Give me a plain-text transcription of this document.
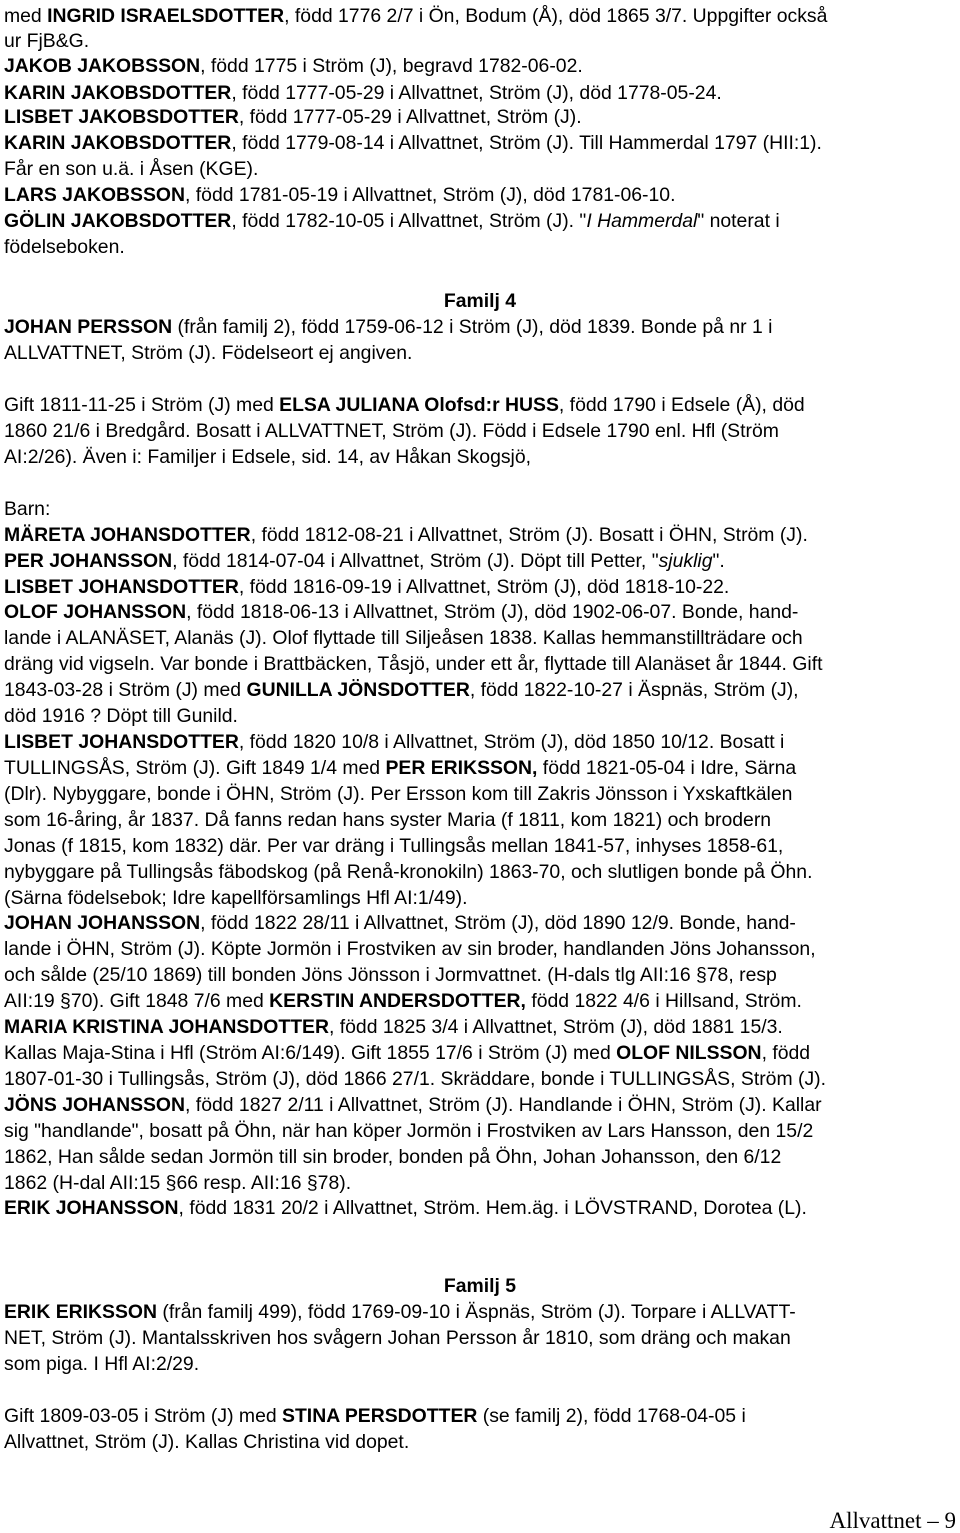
Allvattnet – 9
med INGRID ISRAELSDOTTER, född 1776 2/7 i Ön, Bodum (Å), död 1865 3/7. Uppgifter också
ur FjB&G.
JAKOB JAKOBSSON, född 1775 i Ström (J), begravd 1782-06-02.
KARIN JAKOBSDOTTER, född 1777-05-29 i Allvattnet, Ström (J), död 1778-05-24.
LISBET JAKOBSDOTTER, född 1777-05-29 i Allvattnet, Ström (J).
KARIN JAKOBSDOTTER, född 1779-08-14 i Allvattnet, Ström (J). Till Hammerdal 1797 (HII:1).
Får en son u.ä. i Åsen (KGE).
LARS JAKOBSSON, född 1781-05-19 i Allvattnet, Ström (J), död 1781-06-10.
GÖLIN JAKOBSDOTTER, född 1782-10-05 i Allvattnet, Ström (J). "I Hammerdal" noterat i
födelseboken.
Familj 4
JOHAN PERSSON (från familj 2), född 1759-06-12 i Ström (J), död 1839. Bonde på nr 1 i
ALLVATTNET, Ström (J). Födelseort ej angiven.
Gift 1811-11-25 i Ström (J) med ELSA JULIANA Olofsd:r HUSS, född 1790 i Edsele (Å), död
1860 21/6 i Bredgård. Bosatt i ALLVATTNET, Ström (J). Född i Edsele 1790 enl. Hfl (Ström
AI:2/26). Även i: Familjer i Edsele, sid. 14, av Håkan Skogsjö,
Barn:
MÄRETA JOHANSDOTTER, född 1812-08-21 i Allvattnet, Ström (J). Bosatt i ÖHN, Ström (J).
PER JOHANSSON, född 1814-07-04 i Allvattnet, Ström (J). Döpt till Petter, "sjuklig".
LISBET JOHANSDOTTER, född 1816-09-19 i Allvattnet, Ström (J), död 1818-10-22.
OLOF JOHANSSON, född 1818-06-13 i Allvattnet, Ström (J), död 1902-06-07. Bonde, hand-
lande i ALANÄSET, Alanäs (J). Olof flyttade till Siljeåsen 1838. Kallas hemmanstillträdare och
dräng vid vigseln. Var bonde i Brattbäcken, Tåsjö, under ett år, flyttade till Alanäset år 1844. Gift
1843-03-28 i Ström (J) med GUNILLA JÖNSDOTTER, född 1822-10-27 i Äspnäs, Ström (J),
död 1916 ? Döpt till Gunild.
LISBET JOHANSDOTTER, född 1820 10/8 i Allvattnet, Ström (J), död 1850 10/12. Bosatt i
TULLINGSÅS, Ström (J). Gift 1849 1/4 med PER ERIKSSON, född 1821-05-04 i Idre, Särna
(Dlr). Nybyggare, bonde i ÖHN, Ström (J). Per Ersson kom till Zakris Jönsson i Yxskaftkälen
som 16-åring, år 1837. Då fanns redan hans syster Maria (f 1811, kom 1821) och brodern
Jonas (f 1815, kom 1832) där. Per var dräng i Tullingsås mellan 1841-57, inhyses 1858-61,
nybyggare på Tullingsås fäbodskog (på Renå-kronokiln) 1863-70, och slutligen bonde på Öhn.
(Särna födelsebok; Idre kapellförsamlings Hfl AI:1/49).
JOHAN JOHANSSON, född 1822 28/11 i Allvattnet, Ström (J), död 1890 12/9. Bonde, hand-
lande i ÖHN, Ström (J). Köpte Jormön i Frostviken av sin broder, handlanden Jöns Johansson,
och sålde (25/10 1869) till bonden Jöns Jönsson i Jormvattnet. (H-dals tlg AII:16 §78, resp
AII:19 §70). Gift 1848 7/6 med KERSTIN ANDERSDOTTER, född 1822 4/6 i Hillsand, Ström.
MARIA KRISTINA JOHANSDOTTER, född 1825 3/4 i Allvattnet, Ström (J), död 1881 15/3.
Kallas Maja-Stina i Hfl (Ström AI:6/149). Gift 1855 17/6 i Ström (J) med OLOF NILSSON, född
1807-01-30 i Tullingsås, Ström (J), död 1866 27/1. Skräddare, bonde i TULLINGSÅS, Ström (J).
JÖNS JOHANSSON, född 1827 2/11 i Allvattnet, Ström (J). Handlande i ÖHN, Ström (J). Kallar
sig "handlande", bosatt på Öhn, när han köper Jormön i Frostviken av Lars Hansson, den 15/2
1862, Han sålde sedan Jormön till sin broder, bonden på Öhn, Johan Johansson, den 6/12
1862 (H-dal AII:15 §66 resp. AII:16 §78).
ERIK JOHANSSON, född 1831 20/2 i Allvattnet, Ström. Hem.äg. i LÖVSTRAND, Dorotea (L).
Familj 5
ERIK ERIKSSON (från familj 499), född 1769-09-10 i Äspnäs, Ström (J). Torpare i ALLVATT-
NET, Ström (J). Mantalsskriven hos svågern Johan Persson år 1810, som dräng och makan
som piga. I Hfl AI:2/29.
Gift 1809-03-05 i Ström (J) med STINA PERSDOTTER (se familj 2), född 1768-04-05 i
Allvattnet, Ström (J). Kallas Christina vid dopet.
